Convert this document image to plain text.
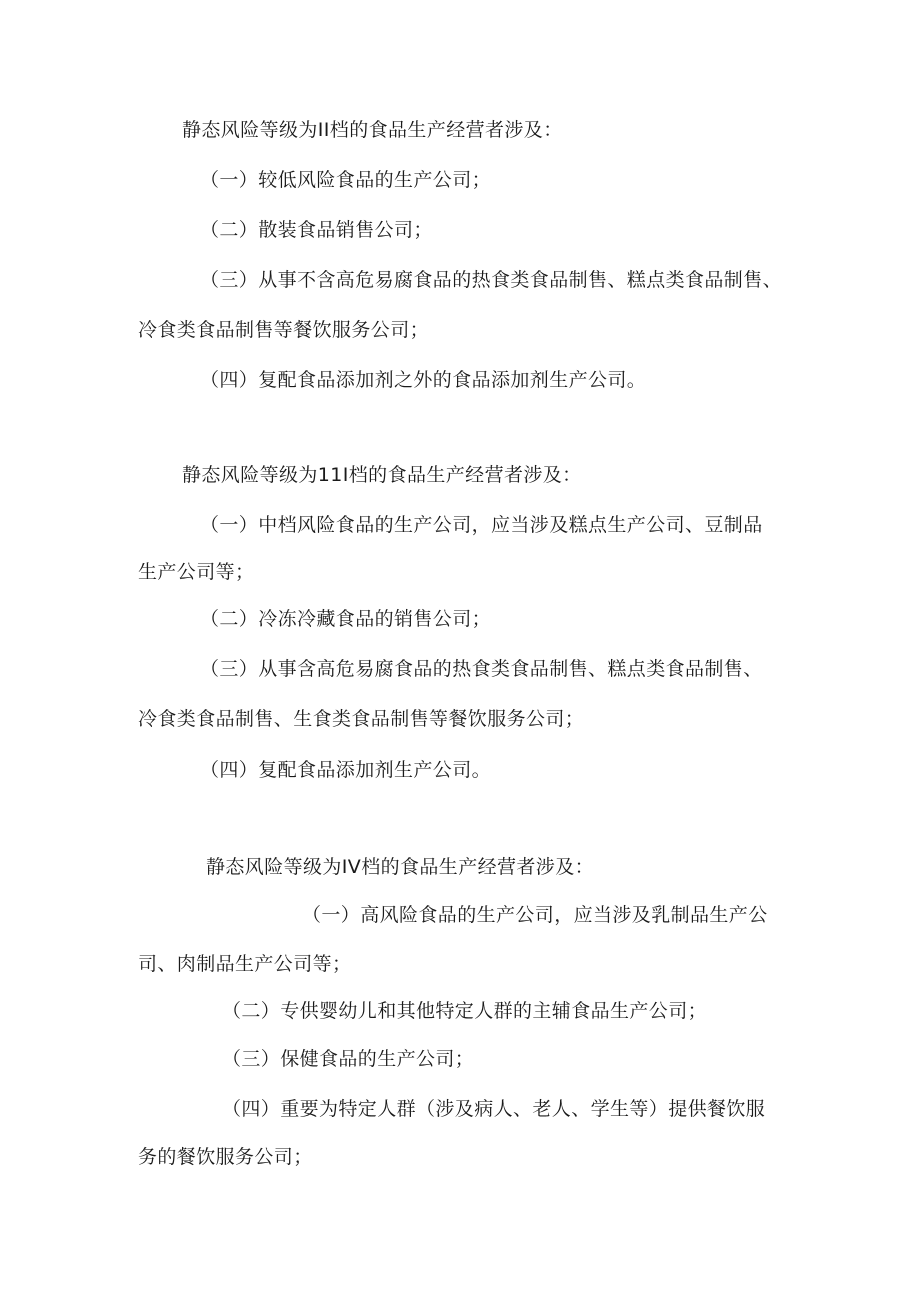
静态风险等级为II档的食品生产经营者涉及：
（一）较低风险食品的生产公司；
（二）散装食品销售公司；
（三）从事不含高危易腐食品的热食类食品制售、糕点类食品制售、
冷食类食品制售等餐饮服务公司；
（四）复配食品添加剂之外的食品添加剂生产公司。
静态风险等级为11I档的食品生产经营者涉及：
（一）中档风险食品的生产公司，应当涉及糕点生产公司、豆制品
生产公司等；
（二）冷冻冷藏食品的销售公司；
（三）从事含高危易腐食品的热食类食品制售、糕点类食品制售、
冷食类食品制售、生食类食品制售等餐饮服务公司；
（四）复配食品添加剂生产公司。
静态风险等级为IV档的食品生产经营者涉及：
（一）高风险食品的生产公司，应当涉及乳制品生产公
司、肉制品生产公司等；
（二）专供婴幼儿和其他特定人群的主辅食品生产公司；
（三）保健食品的生产公司；
（四）重要为特定人群（涉及病人、老人、学生等）提供餐饮服
务的餐饮服务公司；
